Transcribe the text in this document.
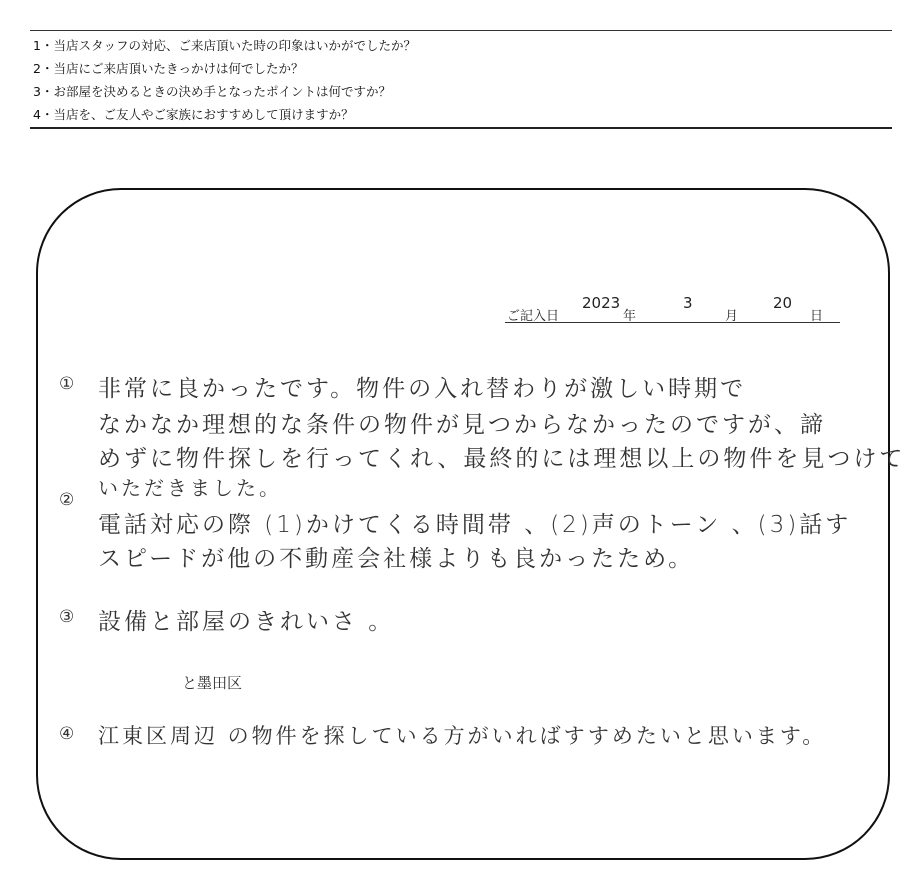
1・当店スタッフの対応、ご来店頂いた時の印象はいかがでしたか？
2・当店にご来店頂いたきっかけは何でしたか？
3・お部屋を決めるときの決め手となったポイントは何ですか？
4・当店を、ご友人やご家族におすすめして頂けますか？
ご記入日
2023
年
3
月
20
日
① 非常に良かったです。物件の入れ替わりが激しい時期で
なかなか理想的な条件の物件が見つからなかったのですが、諦
めずに物件探しを行ってくれ、最終的には理想以上の物件を見つけて
いただきました。
②
電話対応の際 (1)かけてくる時間帯 、(2)声のトーン 、(3)話す
スピードが他の不動産会社様よりも良かったため。
③ 設備と部屋のきれいさ 。
と墨田区
④ 江東区周辺 の物件を探している方がいればすすめたいと思います。
